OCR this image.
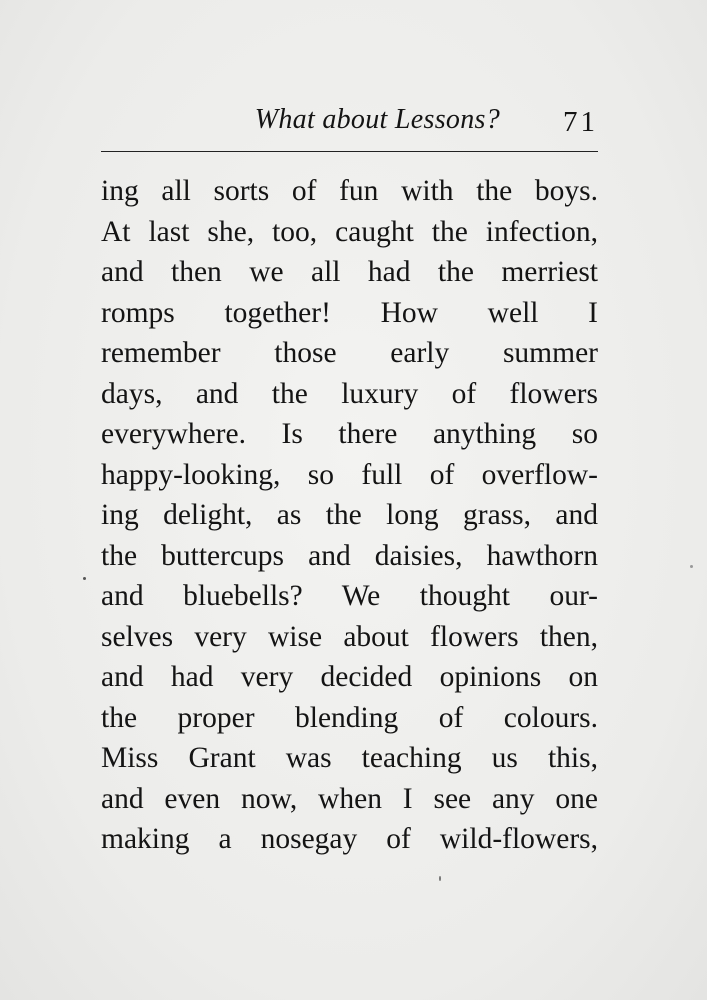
What about Lessons? 71
ing all sorts of fun with the boys.
At last she, too, caught the infection,
and then we all had the merriest
romps together! How well I
remember those early summer
days, and the luxury of flowers
everywhere. Is there anything so
happy-looking, so full of overflow-
ing delight, as the long grass, and
the buttercups and daisies, hawthorn
and bluebells? We thought our-
selves very wise about flowers then,
and had very decided opinions on
the proper blending of colours.
Miss Grant was teaching us this,
and even now, when I see any one
making a nosegay of wild-flowers,
